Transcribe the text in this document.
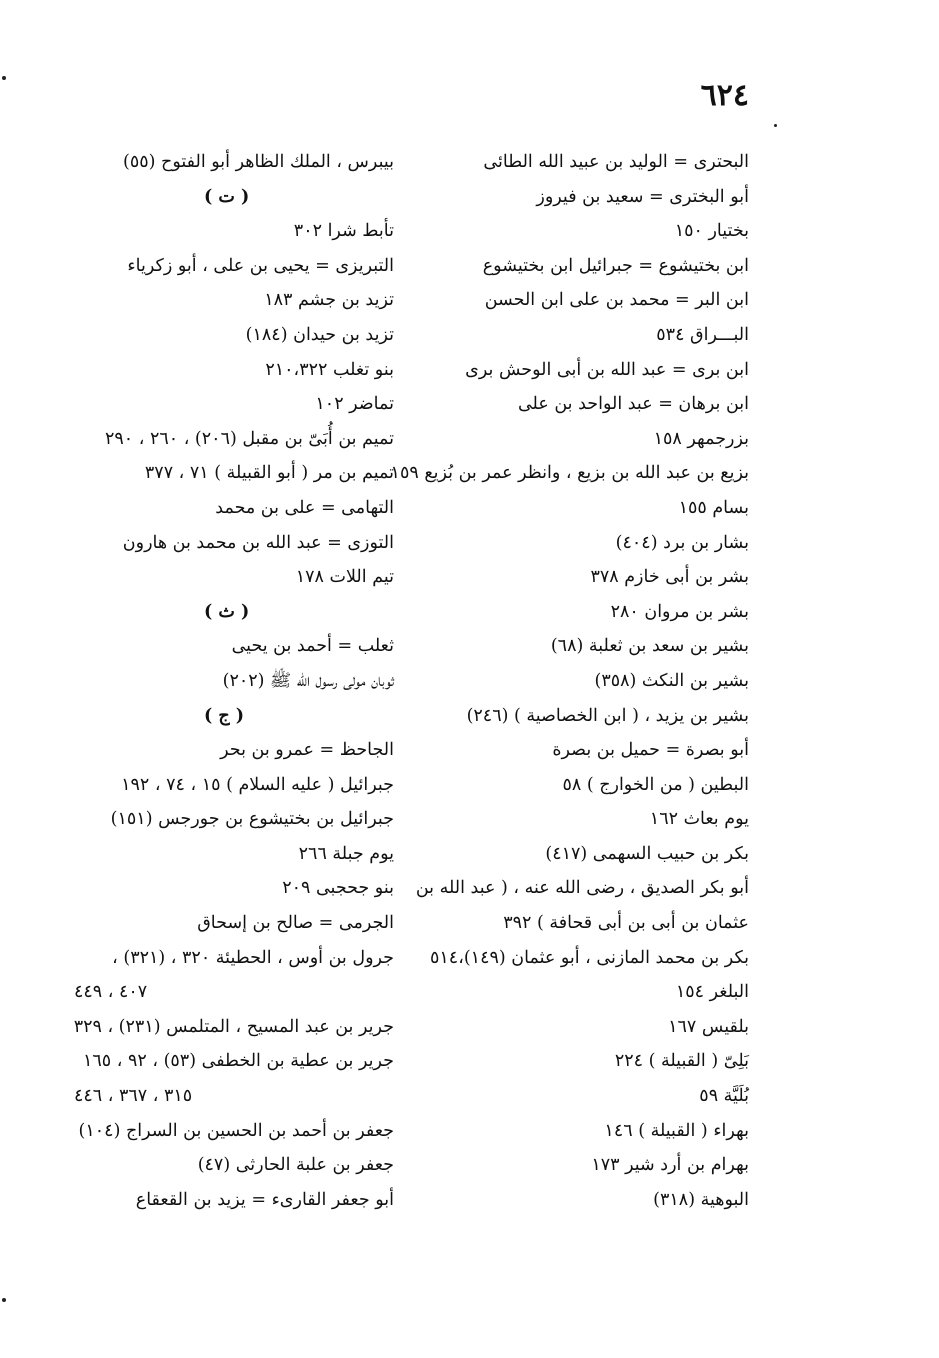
٦٢٤
البحترى = الوليد بن عبيد الله الطائى
أبو البخترى = سعيد بن فيروز
بختيار ١٥٠
ابن بختيشوع = جبرائيل ابن بختيشوع
ابن البر = محمد بن على ابن الحسن
البـــراق ٥٣٤
ابن برى = عبد الله بن أبى الوحش برى
ابن برهان = عبد الواحد بن على
بزرجمهر ١٥٨
بزيع بن عبد الله بن بزيع ، وانظر عمر بن بُزيع ١٥٩
بسام ١٥٥
بشار بن برد (٤٠٤)
بشر بن أبى خازم ٣٧٨
بشر بن مروان ٢٨٠
بشير بن سعد بن ثعلبة (٦٨)
بشير بن النكث (٣٥٨)
بشير بن يزيد ، ( ابن الخصاصية ) (٢٤٦)
أبو بصرة = حميل بن بصرة
البطين ( من الخوارج ) ٥٨
يوم بعاث ١٦٢
بكر بن حبيب السهمى (٤١٧)
أبو بكر الصديق ، رضى الله عنه ، ( عبد الله بن
عثمان بن أبى بن أبى قحافة ) ٣٩٢
بكر بن محمد المازنى ، أبو عثمان (١٤٩)،٥١٤
البلغر ١٥٤
بلقيس ١٦٧
بَلِىّ ( القبيلة ) ٢٢٤
بُلَيَّة ٥٩
بهراء ( القبيلة ) ١٤٦
بهرام بن أرد شير ١٧٣
البوهية (٣١٨)
بيبرس ، الملك الظاهر أبو الفتوح (٥٥)
( ت )
تأبط شرا ٣٠٢
التبريزى = يحيى بن على ، أبو زكرياء
تزيد بن جشم ١٨٣
تزيد بن حيدان (١٨٤)
بنو تغلب ٢١٠،٣٢٢
تماضر ١٠٢
تميم بن أُبَىّ بن مقبل (٢٠٦) ، ٢٦٠ ، ٢٩٠
تميم بن مر ( أبو القبيلة ) ٧١ ، ٣٧٧
التهامى = على بن محمد
التوزى = عبد الله بن محمد بن هارون
تيم اللات ١٧٨
( ث )
ثعلب = أحمد بن يحيى
ثوبان مولى رسول الله ﷺ (٢٠٢)
( ج )
الجاحظ = عمرو بن بحر
جبرائيل ( عليه السلام ) ١٥ ، ٧٤ ، ١٩٢
جبرائيل بن بختيشوع بن جورجس (١٥١)
يوم جبلة ٢٦٦
بنو جحجبى ٢٠٩
الجرمى = صالح بن إسحاق
جرول بن أوس ، الحطيئة ٣٢٠ ، (٣٢١) ،
٤٠٧ ، ٤٤٩
جرير بن عبد المسيح ، المتلمس (٢٣١) ، ٣٢٩
جرير بن عطية بن الخطفى (٥٣) ، ٩٢ ، ١٦٥
٣١٥ ، ٣٦٧ ، ٤٤٦
جعفر بن أحمد بن الحسين بن السراج (١٠٤)
جعفر بن علبة الحارثى (٤٧)
أبو جعفر القارىء = يزيد بن القعقاع
